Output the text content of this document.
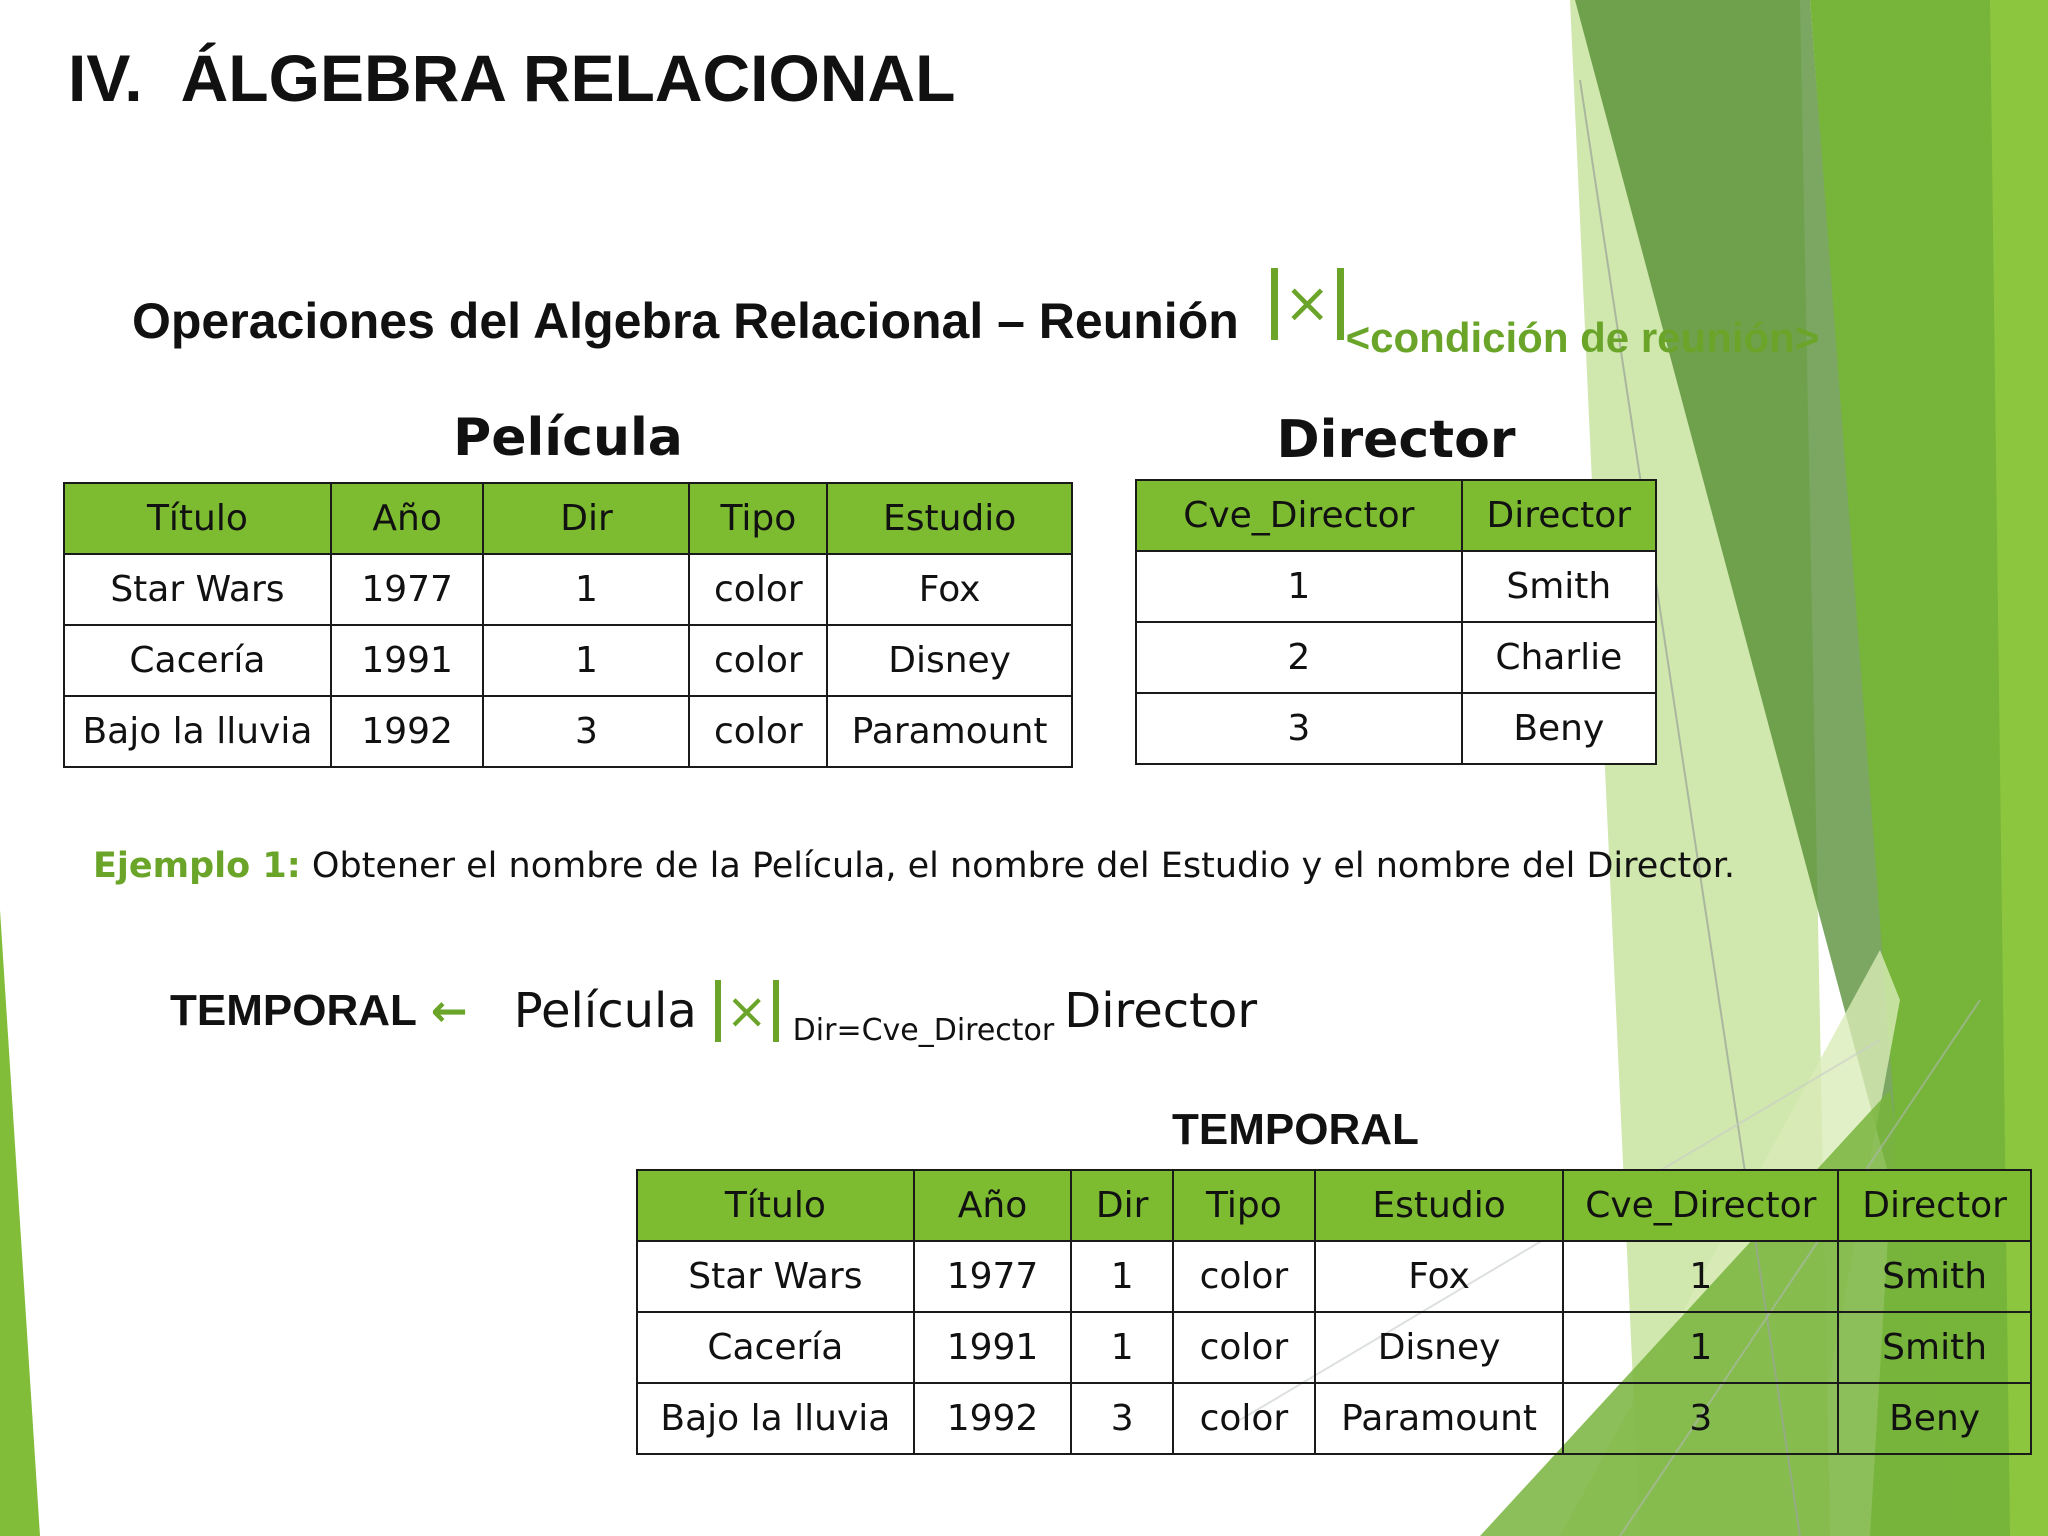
IV. ÁLGEBRA RELACIONAL
Operaciones del Algebra Relacional – Reunión ×
$_{<condición de reunión>}$
Película
Título	Año	Dir	Tipo	Estudio
Star Wars	1977	1	color	Fox
Cacería	1991	1	color	Disney
Bajo la lluvia	1992	3	color	Paramount
Director
Cve_Director	Director
1	Smith
2	Charlie
3	Beny
Ejemplo 1: Obtener el nombre de la Película, el nombre del Estudio y el nombre del Director.
TEMPORAL ← Película × Dir=Cve_Director Director
TEMPORAL
Título	Año	Dir	Tipo	Estudio	Cve_Director	Director
Star Wars	1977	1	color	Fox	1	Smith
Cacería	1991	1	color	Disney	1	Smith
Bajo la lluvia	1992	3	color	Paramount	3	Beny
